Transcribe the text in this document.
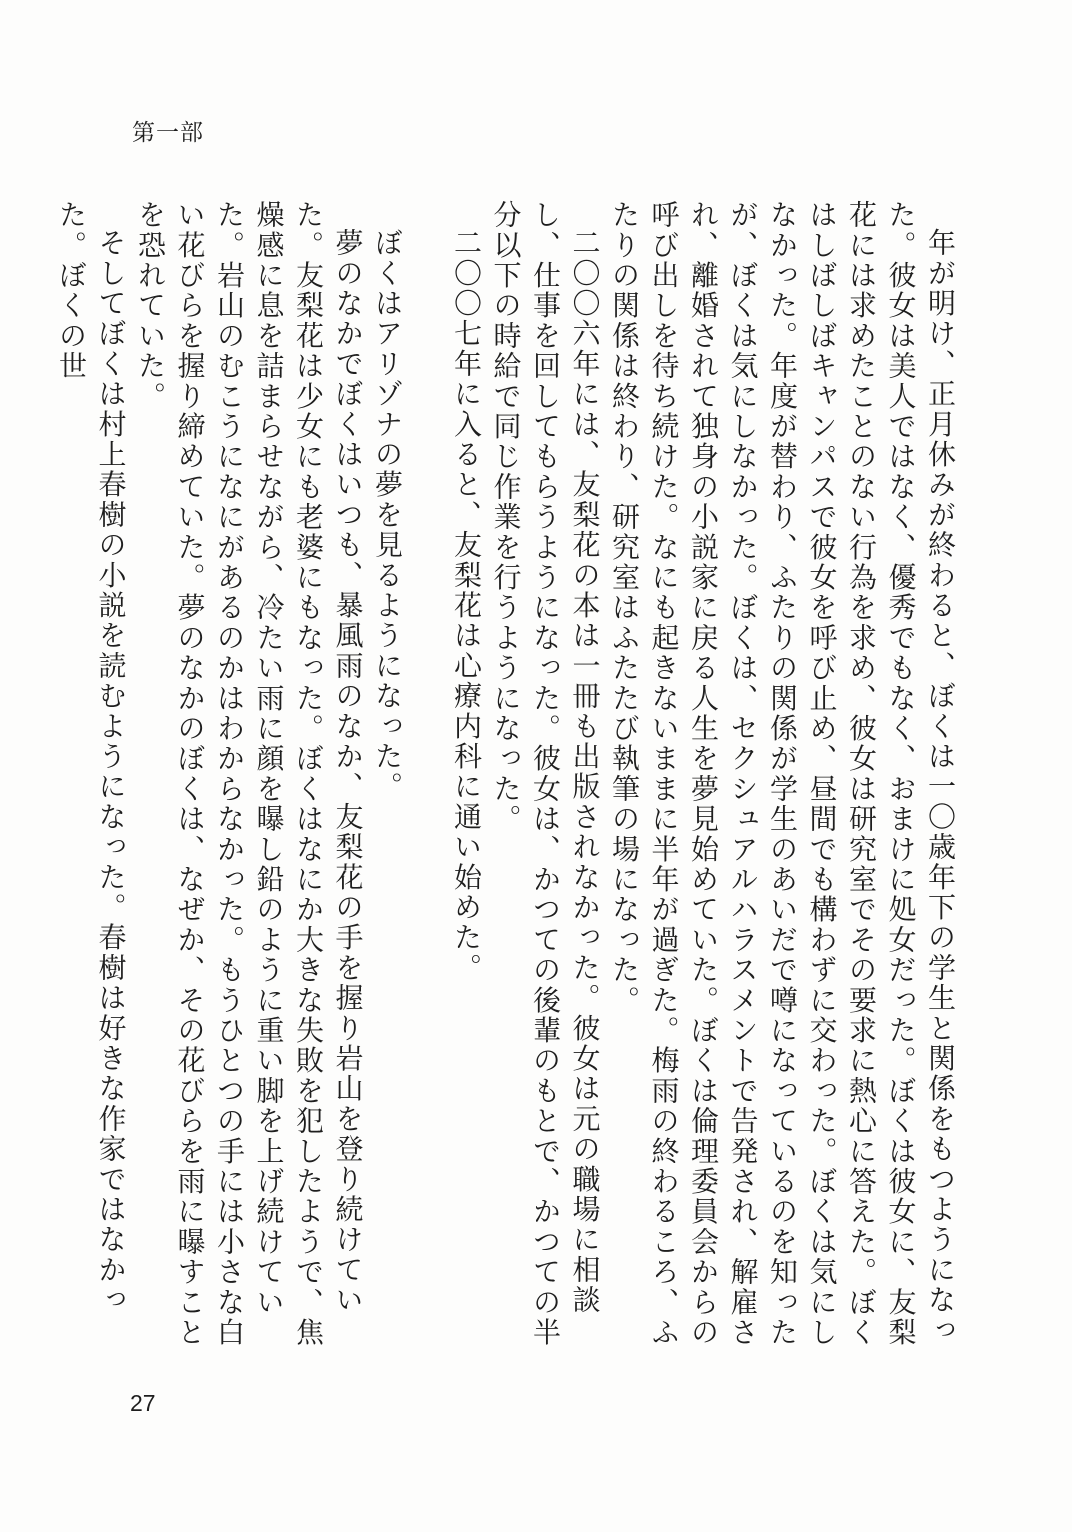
第一部

年が明け、正月休みが終わると、ぼくは一〇歳年下の学生と関係をもつようになった。彼女は美人ではなく、優秀でもなく、おまけに処女だった。ぼくは彼女に、友梨花には求めたことのない行為を求め、彼女は研究室でその要求に熱心に答えた。ぼくはしばしばキャンパスで彼女を呼び止め、昼間でも構わずに交わった。ぼくは気にしなかった。年度が替わり、ふたりの関係が学生のあいだで噂になっているのを知ったが、ぼくは気にしなかった。ぼくは、セクシュアルハラスメントで告発され、解雇され、離婚されて独身の小説家に戻る人生を夢見始めていた。ぼくは倫理委員会からの呼び出しを待ち続けた。なにも起きないままに半年が過ぎた。梅雨の終わるころ、ふたりの関係は終わり、研究室はふたたび執筆の場になった。

二〇〇六年には、友梨花の本は一冊も出版されなかった。彼女は元の職場に相談し、仕事を回してもらうようになった。彼女は、かつての後輩のもとで、かつての半分以下の時給で同じ作業を行うようになった。

二〇〇七年に入ると、友梨花は心療内科に通い始めた。

ぼくはアリゾナの夢を見るようになった。

夢のなかでぼくはいつも、暴風雨のなか、友梨花の手を握り岩山を登り続けていた。友梨花は少女にも老婆にもなった。ぼくはなにか大きな失敗を犯したようで、焦燥感に息を詰まらせながら、冷たい雨に顔を曝し鉛のように重い脚を上げ続けていた。岩山のむこうになにがあるのかはわからなかった。もうひとつの手には小さな白い花びらを握り締めていた。夢のなかのぼくは、なぜか、その花びらを雨に曝すことを恐れていた。

そしてぼくは村上春樹の小説を読むようになった。春樹は好きな作家ではなかった。ぼくの世

27
